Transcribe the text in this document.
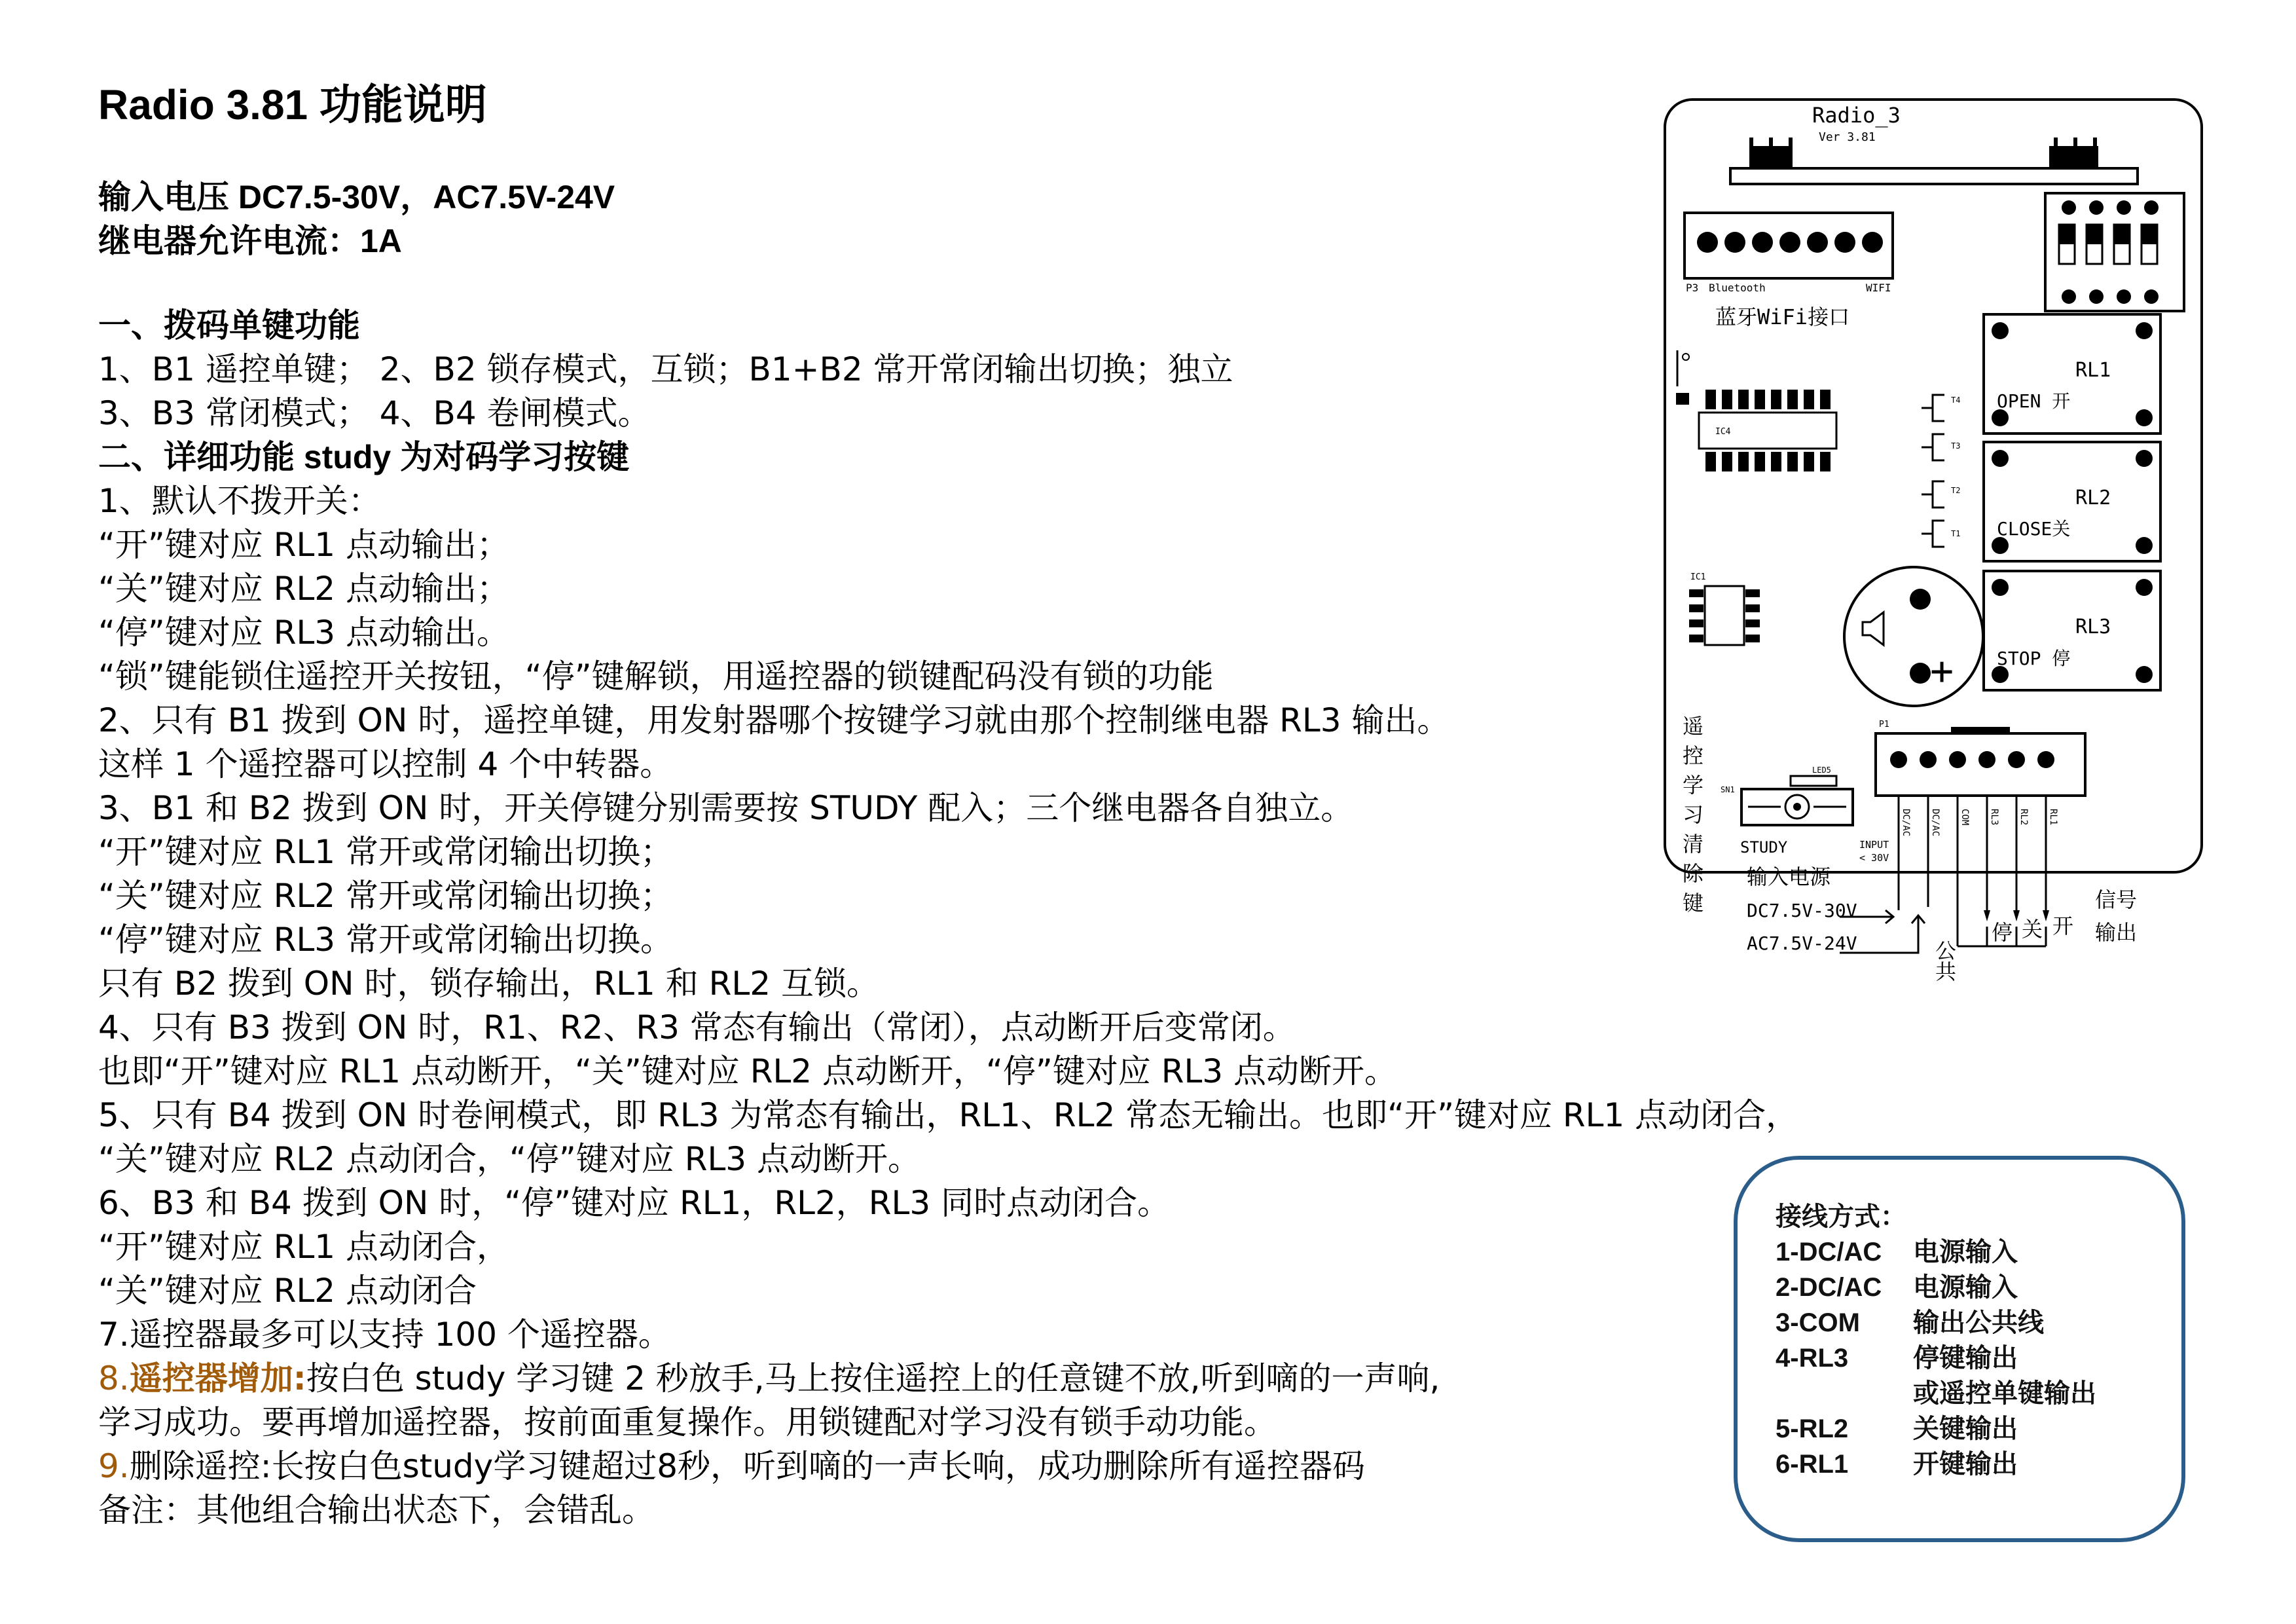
Radio 3.81 功能说明
输入电压 DC7.5-30V，AC7.5V-24V
继电器允许电流：1A
一、拨码单键功能
1、B1 遥控单键； 2、B2 锁存模式，互锁；B1+B2 常开常闭输出切换；独立
3、B3 常闭模式； 4、B4 卷闸模式。
二、详细功能 study 为对码学习按键
1、默认不拨开关：
“开”键对应 RL1 点动输出；
“关”键对应 RL2 点动输出；
“停”键对应 RL3 点动输出。
“锁”键能锁住遥控开关按钮，“停”键解锁，用遥控器的锁键配码没有锁的功能
2、只有 B1 拨到 ON 时，遥控单键，用发射器哪个按键学习就由那个控制继电器 RL3 输出。
这样 1 个遥控器可以控制 4 个中转器。
3、B1 和 B2 拨到 ON 时，开关停键分别需要按 STUDY 配入；三个继电器各自独立。
“开”键对应 RL1 常开或常闭输出切换；
“关”键对应 RL2 常开或常闭输出切换；
“停”键对应 RL3 常开或常闭输出切换。
只有 B2 拨到 ON 时，锁存输出，RL1 和 RL2 互锁。
4、只有 B3 拨到 ON 时，R1、R2、R3 常态有输出（常闭），点动断开后变常闭。
也即“开”键对应 RL1 点动断开，“关”键对应 RL2 点动断开，“停”键对应 RL3 点动断开。
5、只有 B4 拨到 ON 时卷闸模式，即 RL3 为常态有输出，RL1、RL2 常态无输出。也即“开”键对应 RL1 点动闭合，
“关”键对应 RL2 点动闭合，“停”键对应 RL3 点动断开。
6、B3 和 B4 拨到 ON 时，“停”键对应 RL1，RL2，RL3 同时点动闭合。
“开”键对应 RL1 点动闭合，
“关”键对应 RL2 点动闭合
7.遥控器最多可以支持 100 个遥控器。
8.遥控器增加:按白色 study 学习键 2 秒放手,马上按住遥控上的任意键不放,听到嘀的一声响,
学习成功。要再增加遥控器，按前面重复操作。用锁键配对学习没有锁手动功能。
9.删除遥控:长按白色study学习键超过8秒，听到嘀的一声长响，成功删除所有遥控器码
备注：其他组合输出状态下，会错乱。
Radio_3
Ver 3.81
P3 Bluetooth	WIFI
蓝牙WiFi接口
IC4
T4
T3
T2
T1
RL1
OPEN 开
RL2
CLOSE关
RL3
STOP 停
IC1
+
P1
DC/AC DC/AC COM RL3 RL2 RL1
LED5
SN1
STUDY	INPUT
< 30V
遥
控
学
习
清
除
键
输入电源
DC7.5V-30V
AC7.5V-24V	公共
停 关 开
信号
输出
接线方式：
1-DC/AC	电源输入
2-DC/AC	电源输入
3-COM	输出公共线
4-RL3	停键输出
或遥控单键输出
5-RL2	关键输出
6-RL1	开键输出
